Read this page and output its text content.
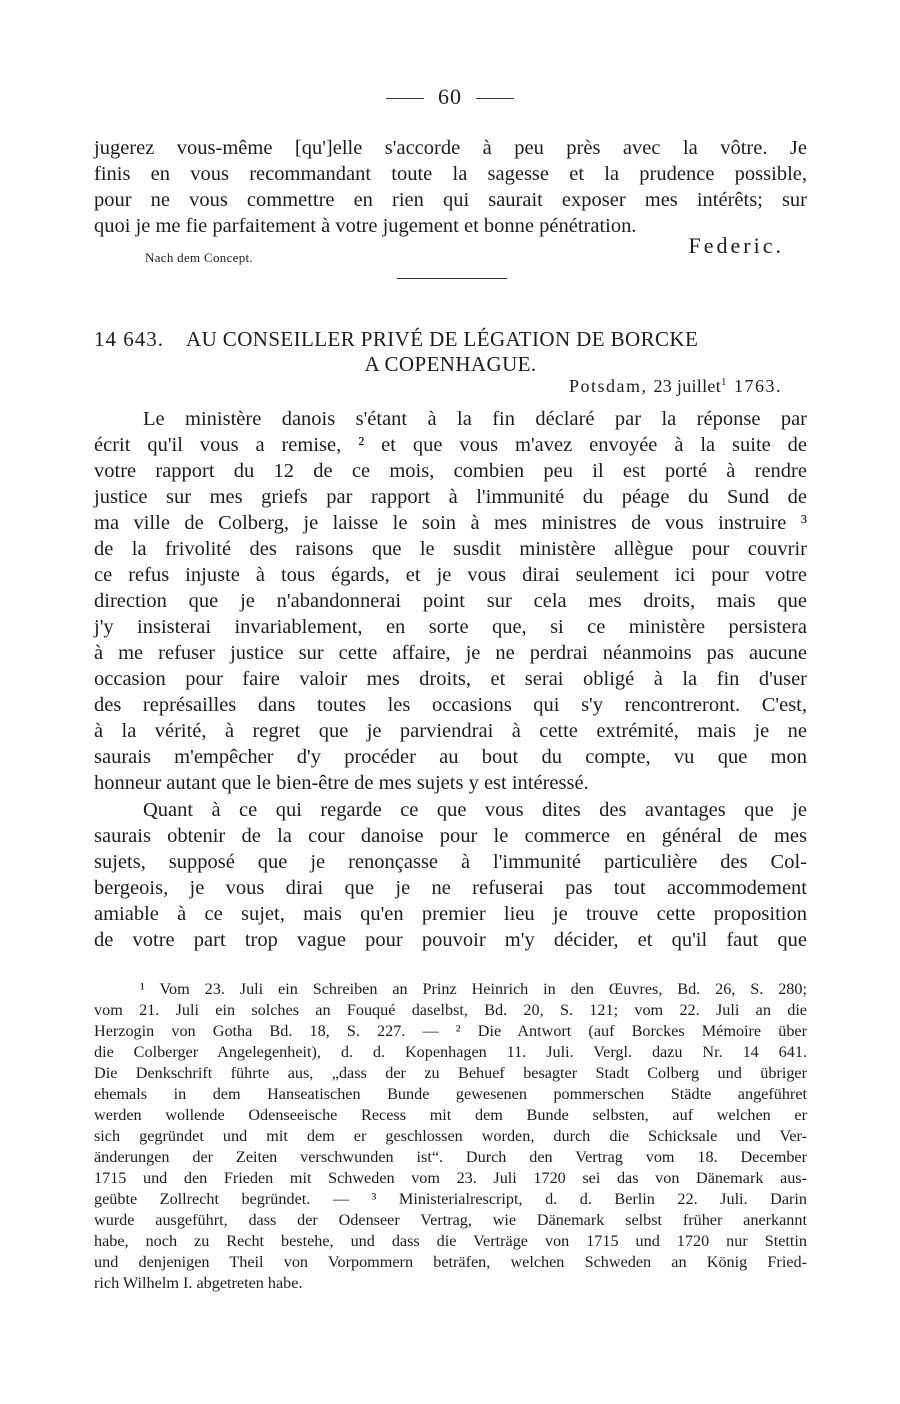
60
jugerez vous-même [qu']elle s'accorde à peu près avec la vôtre. Je
finis en vous recommandant toute la sagesse et la prudence possible,
pour ne vous commettre en rien qui saurait exposer mes intérêts; sur
quoi je me fie parfaitement à votre jugement et bonne pénétration.
Nach dem Concept.	Federic.
14 643. AU CONSEILLER PRIVÉ DE LÉGATION DE BORCKE
A COPENHAGUE.
Potsdam, 23 juillet$^1$ 1763.
Le ministère danois s'étant à la fin déclaré par la réponse par
écrit qu'il vous a remise, ² et que vous m'avez envoyée à la suite de
votre rapport du 12 de ce mois, combien peu il est porté à rendre
justice sur mes griefs par rapport à l'immunité du péage du Sund de
ma ville de Colberg, je laisse le soin à mes ministres de vous instruire ³
de la frivolité des raisons que le susdit ministère allègue pour couvrir
ce refus injuste à tous égards, et je vous dirai seulement ici pour votre
direction que je n'abandonnerai point sur cela mes droits, mais que
j'y insisterai invariablement, en sorte que, si ce ministère persistera
à me refuser justice sur cette affaire, je ne perdrai néanmoins pas aucune
occasion pour faire valoir mes droits, et serai obligé à la fin d'user
des représailles dans toutes les occasions qui s'y rencontreront. C'est,
à la vérité, à regret que je parviendrai à cette extrémité, mais je ne
saurais m'empêcher d'y procéder au bout du compte, vu que mon
honneur autant que le bien-être de mes sujets y est intéressé.
Quant à ce qui regarde ce que vous dites des avantages que je
saurais obtenir de la cour danoise pour le commerce en général de mes
sujets, supposé que je renonçasse à l'immunité particulière des Col-
bergeois, je vous dirai que je ne refuserai pas tout accommodement
amiable à ce sujet, mais qu'en premier lieu je trouve cette proposition
de votre part trop vague pour pouvoir m'y décider, et qu'il faut que
¹ Vom 23. Juli ein Schreiben an Prinz Heinrich in den Œuvres, Bd. 26, S. 280;
vom 21. Juli ein solches an Fouqué daselbst, Bd. 20, S. 121; vom 22. Juli an die
Herzogin von Gotha Bd. 18, S. 227. — ² Die Antwort (auf Borckes Mémoire über
die Colberger Angelegenheit), d. d. Kopenhagen 11. Juli. Vergl. dazu Nr. 14 641.
Die Denkschrift führte aus, „dass der zu Behuef besagter Stadt Colberg und übriger
ehemals in dem Hanseatischen Bunde gewesenen pommerschen Städte angeführet
werden wollende Odenseeische Recess mit dem Bunde selbsten, auf welchen er
sich gegründet und mit dem er geschlossen worden, durch die Schicksale und Ver-
änderungen der Zeiten verschwunden ist“. Durch den Vertrag vom 18. December
1715 und den Frieden mit Schweden vom 23. Juli 1720 sei das von Dänemark aus-
geübte Zollrecht begründet. — ³ Ministerialrescript, d. d. Berlin 22. Juli. Darin
wurde ausgeführt, dass der Odenseer Vertrag, wie Dänemark selbst früher anerkannt
habe, noch zu Recht bestehe, und dass die Verträge von 1715 und 1720 nur Stettin
und denjenigen Theil von Vorpommern beträfen, welchen Schweden an König Fried-
rich Wilhelm I. abgetreten habe.
